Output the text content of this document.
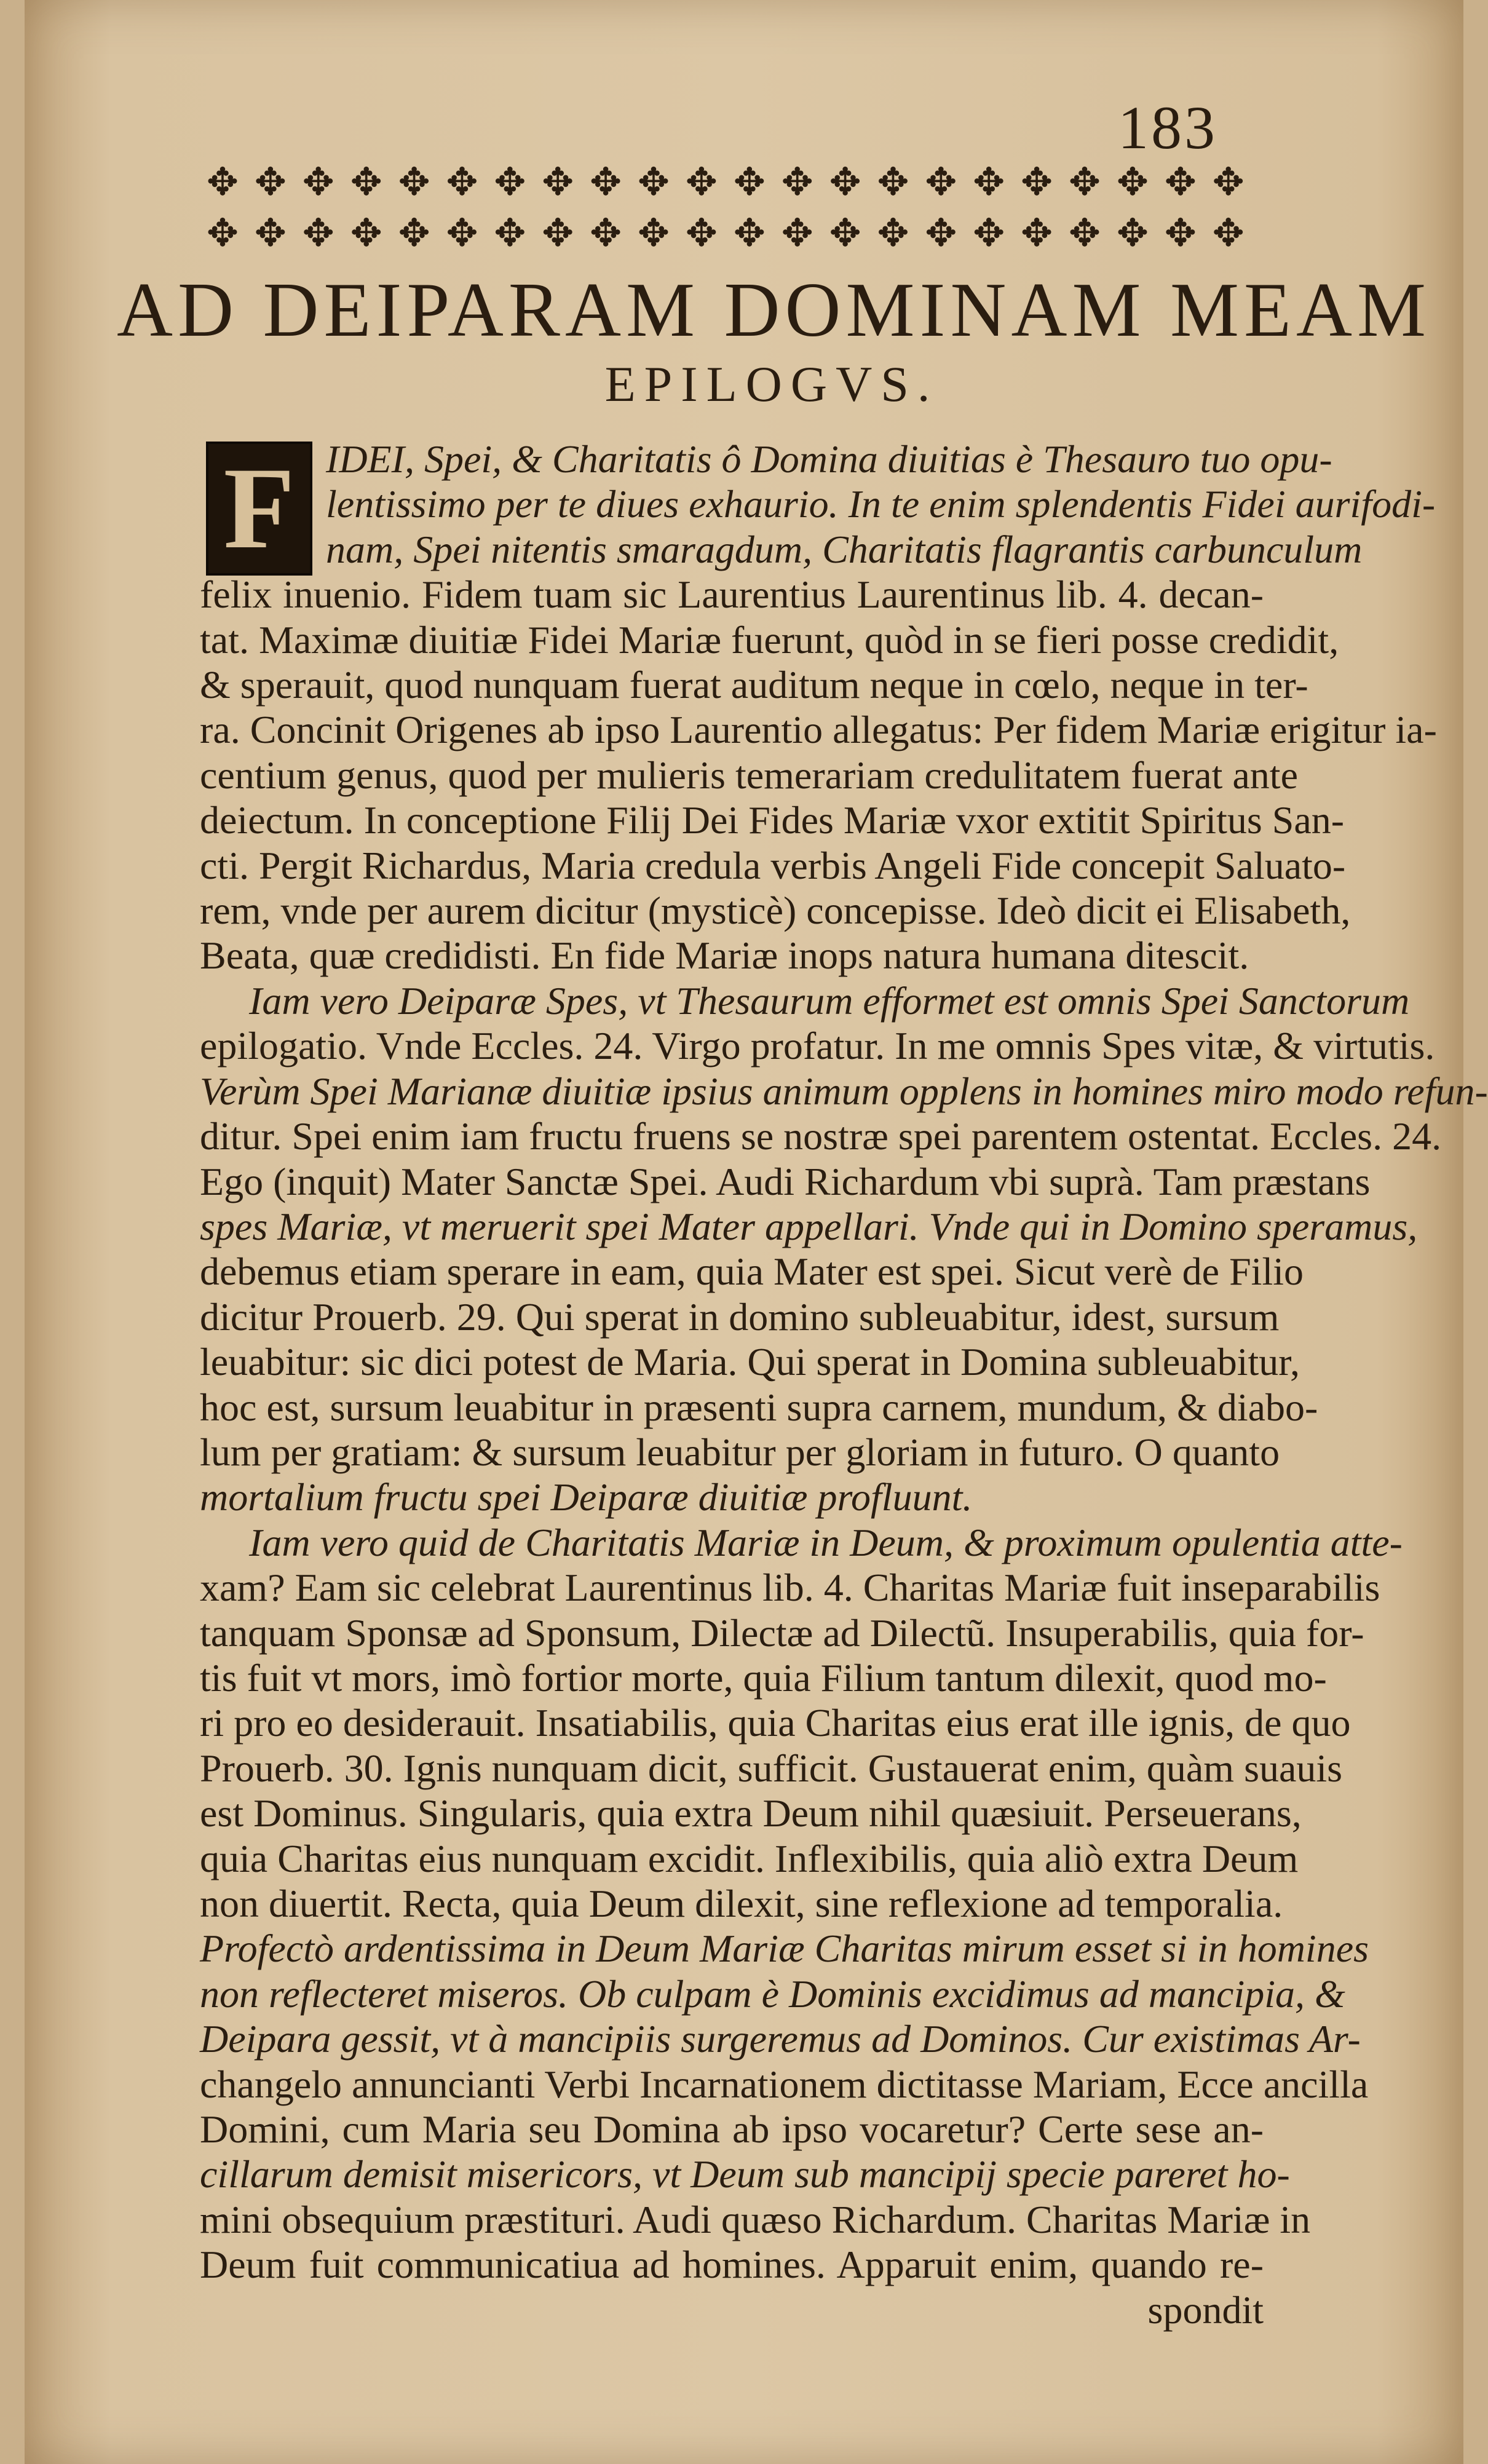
183
✥ ✥ ✥ ✥ ✥ ✥ ✥ ✥ ✥ ✥ ✥ ✥ ✥ ✥ ✥ ✥ ✥ ✥ ✥ ✥ ✥ ✥
✥ ✥ ✥ ✥ ✥ ✥ ✥ ✥ ✥ ✥ ✥ ✥ ✥ ✥ ✥ ✥ ✥ ✥ ✥ ✥ ✥ ✥
AD DEIPARAM DOMINAM MEAM
EPILOGVS.
F IDEI, Spei, & Charitatis ô Domina diuitias è Thesauro tuo opu-
lentissimo per te diues exhaurio. In te enim splendentis Fidei aurifodi-
nam, Spei nitentis smaragdum, Charitatis flagrantis carbunculum
felix inuenio. Fidem tuam sic Laurentius Laurentinus lib. 4. decan-
tat. Maximæ diuitiæ Fidei Mariæ fuerunt, quòd in se fieri posse credidit,
& sperauit, quod nunquam fuerat auditum neque in cœlo, neque in ter-
ra. Concinit Origenes ab ipso Laurentio allegatus: Per fidem Mariæ erigitur ia-
centium genus, quod per mulieris temerariam credulitatem fuerat ante
deiectum. In conceptione Filij Dei Fides Mariæ vxor extitit Spiritus San-
cti. Pergit Richardus, Maria credula verbis Angeli Fide concepit Saluato-
rem, vnde per aurem dicitur (mysticè) concepisse. Ideò dicit ei Elisabeth,
Beata, quæ credidisti. En fide Mariæ inops natura humana ditescit.
Iam vero Deiparæ Spes, vt Thesaurum efformet est omnis Spei Sanctorum
epilogatio. Vnde Eccles. 24. Virgo profatur. In me omnis Spes vitæ, & virtutis.
Verùm Spei Marianæ diuitiæ ipsius animum opplens in homines miro modo refun-
ditur. Spei enim iam fructu fruens se nostræ spei parentem ostentat. Eccles. 24.
Ego (inquit) Mater Sanctæ Spei. Audi Richardum vbi suprà. Tam præstans
spes Mariæ, vt meruerit spei Mater appellari. Vnde qui in Domino speramus,
debemus etiam sperare in eam, quia Mater est spei. Sicut verè de Filio
dicitur Prouerb. 29. Qui sperat in domino subleuabitur, idest, sursum
leuabitur: sic dici potest de Maria. Qui sperat in Domina subleuabitur,
hoc est, sursum leuabitur in præsenti supra carnem, mundum, & diabo-
lum per gratiam: & sursum leuabitur per gloriam in futuro. O quanto
mortalium fructu spei Deiparæ diuitiæ profluunt.
Iam vero quid de Charitatis Mariæ in Deum, & proximum opulentia atte-
xam? Eam sic celebrat Laurentinus lib. 4. Charitas Mariæ fuit inseparabilis
tanquam Sponsæ ad Sponsum, Dilectæ ad Dilectũ. Insuperabilis, quia for-
tis fuit vt mors, imò fortior morte, quia Filium tantum dilexit, quod mo-
ri pro eo desiderauit. Insatiabilis, quia Charitas eius erat ille ignis, de quo
Prouerb. 30. Ignis nunquam dicit, sufficit. Gustauerat enim, quàm suauis
est Dominus. Singularis, quia extra Deum nihil quæsiuit. Perseuerans,
quia Charitas eius nunquam excidit. Inflexibilis, quia aliò extra Deum
non diuertit. Recta, quia Deum dilexit, sine reflexione ad temporalia.
Profectò ardentissima in Deum Mariæ Charitas mirum esset si in homines
non reflecteret miseros. Ob culpam è Dominis excidimus ad mancipia, &
Deipara gessit, vt à mancipiis surgeremus ad Dominos. Cur existimas Ar-
changelo annuncianti Verbi Incarnationem dictitasse Mariam, Ecce ancilla
Domini, cum Maria seu Domina ab ipso vocaretur? Certe sese an-
cillarum demisit misericors, vt Deum sub mancipij specie pareret ho-
mini obsequium præstituri. Audi quæso Richardum. Charitas Mariæ in
Deum fuit communicatiua ad homines. Apparuit enim, quando re-
spondit
